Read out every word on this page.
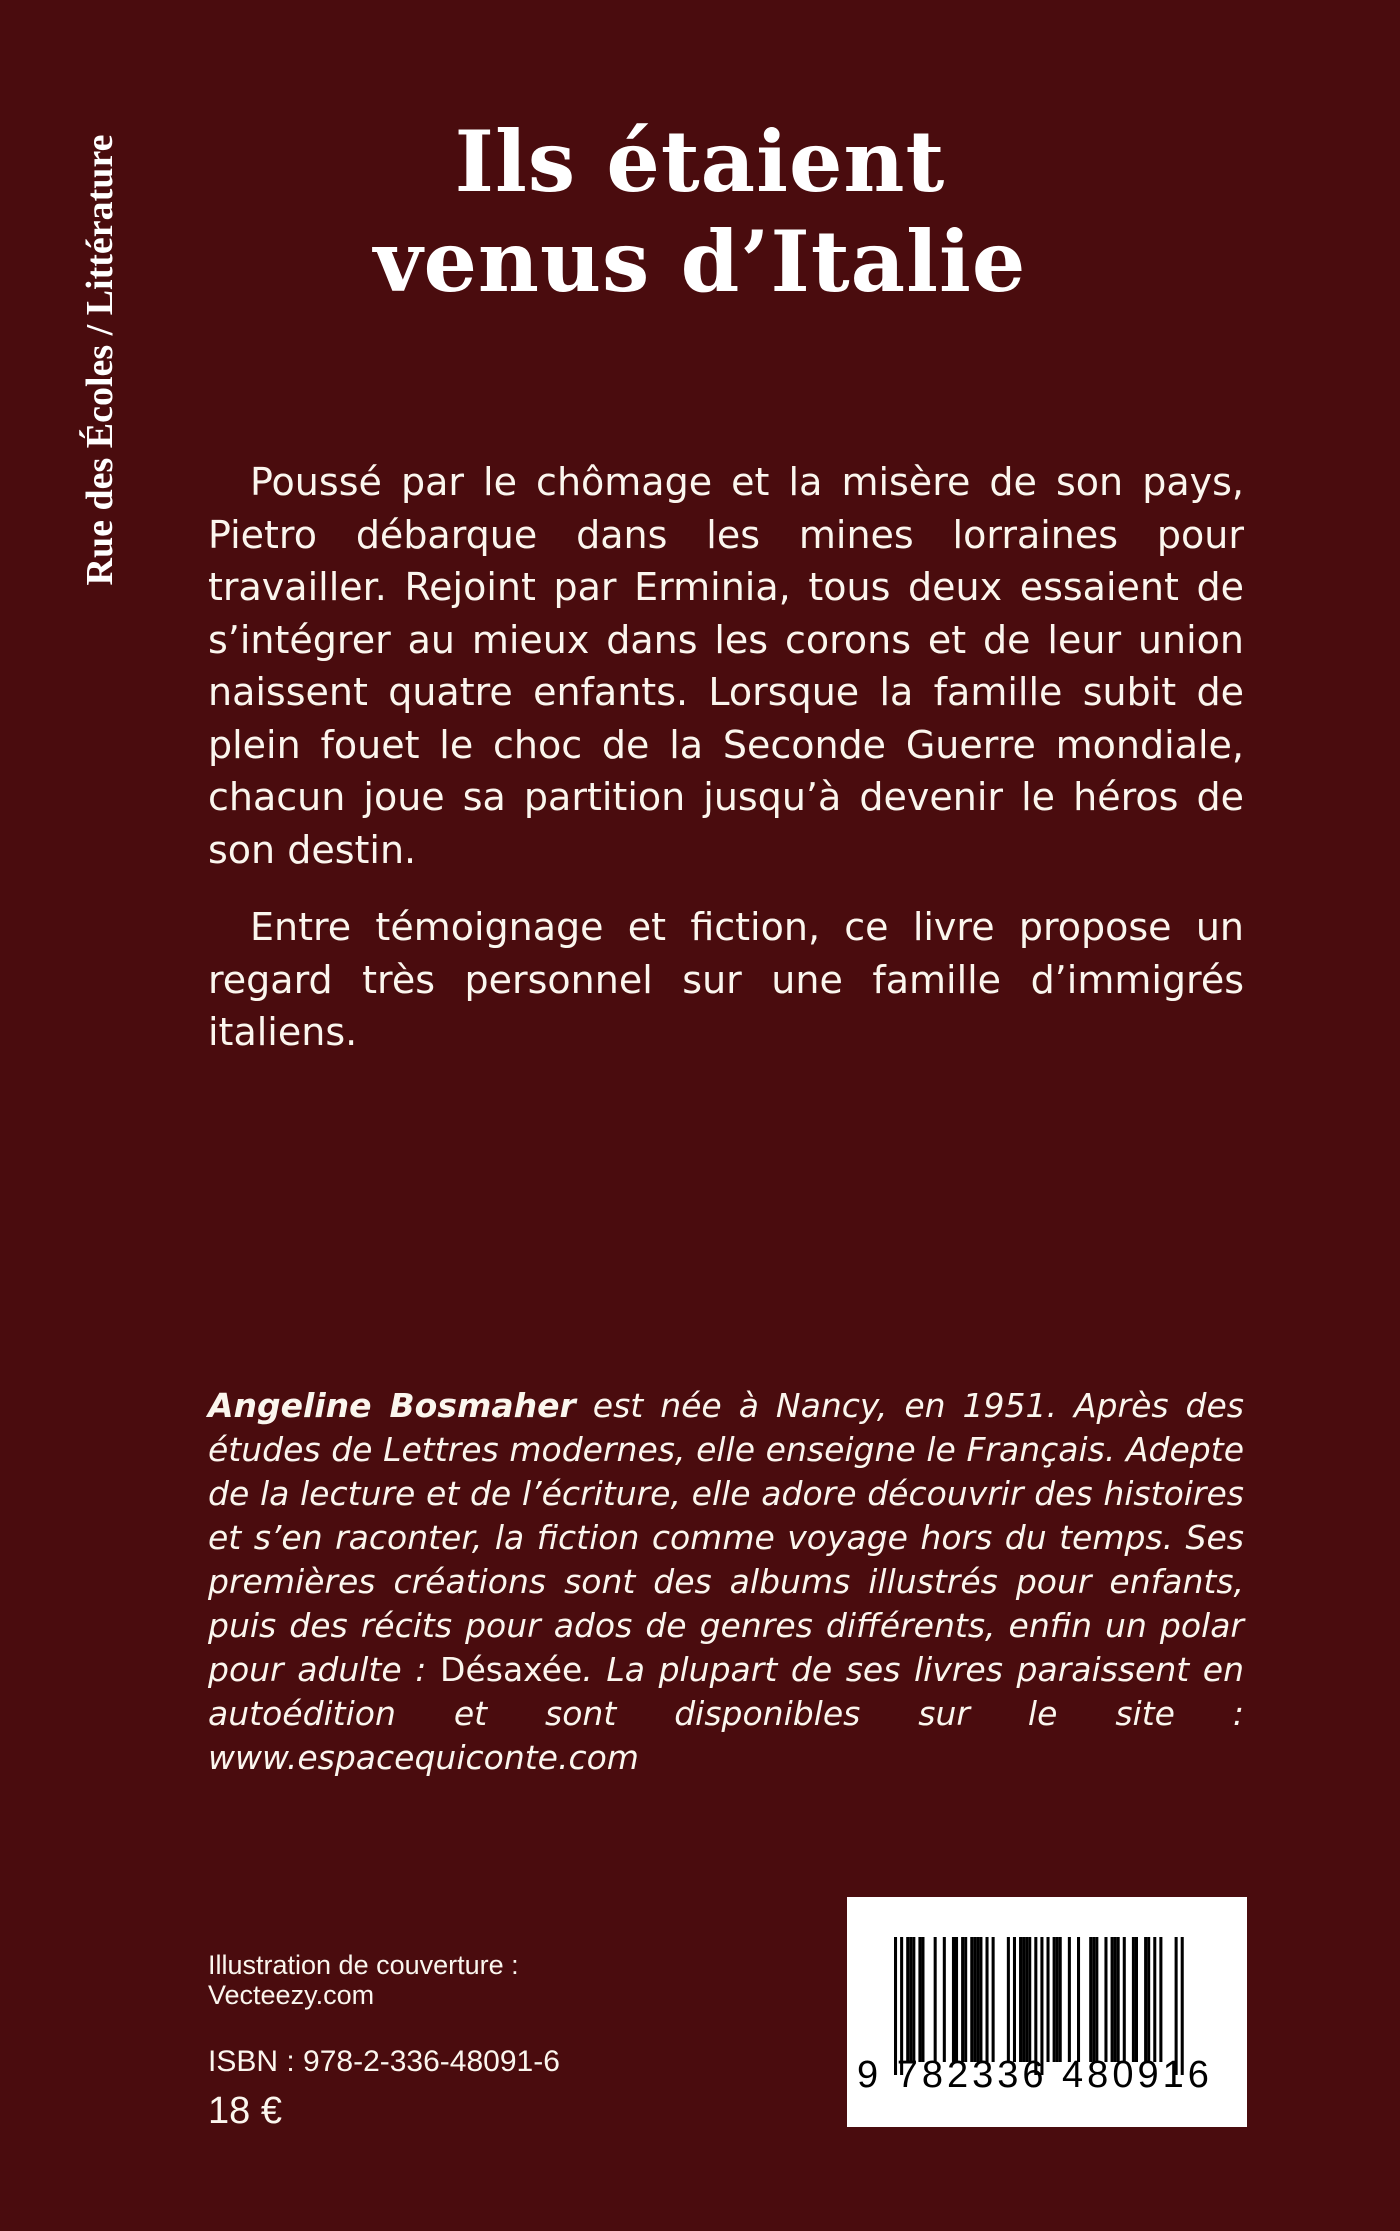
Rue des Écoles / Littérature	Ils étaient
venus d’Italie

Poussé par le chômage et la misère de son pays, Pietro débarque dans les mines lorraines pour travailler. Rejoint par Erminia, tous deux essaient de s’intégrer au mieux dans les corons et de leur union naissent quatre enfants. Lorsque la famille subit de plein fouet le choc de la Seconde Guerre mondiale, chacun joue sa partition jusqu’à devenir le héros de son destin.

Entre témoignage et fiction, ce livre propose un regard très personnel sur une famille d’immigrés italiens.

Angeline Bosmaher est née à Nancy, en 1951. Après des études de Lettres modernes, elle enseigne le Français. Adepte de la lecture et de l’écriture, elle adore découvrir des histoires et s’en raconter, la fiction comme voyage hors du temps. Ses premières créations sont des albums illustrés pour enfants, puis des récits pour ados de genres différents, enfin un polar pour adulte : Désaxée. La plupart de ses livres paraissent en autoédition et sont disponibles sur le site : www.espacequiconte.com

Illustration de couverture :
Vecteezy.com
ISBN : 978-2-336-48091-6
18 €
9 782336 480916
